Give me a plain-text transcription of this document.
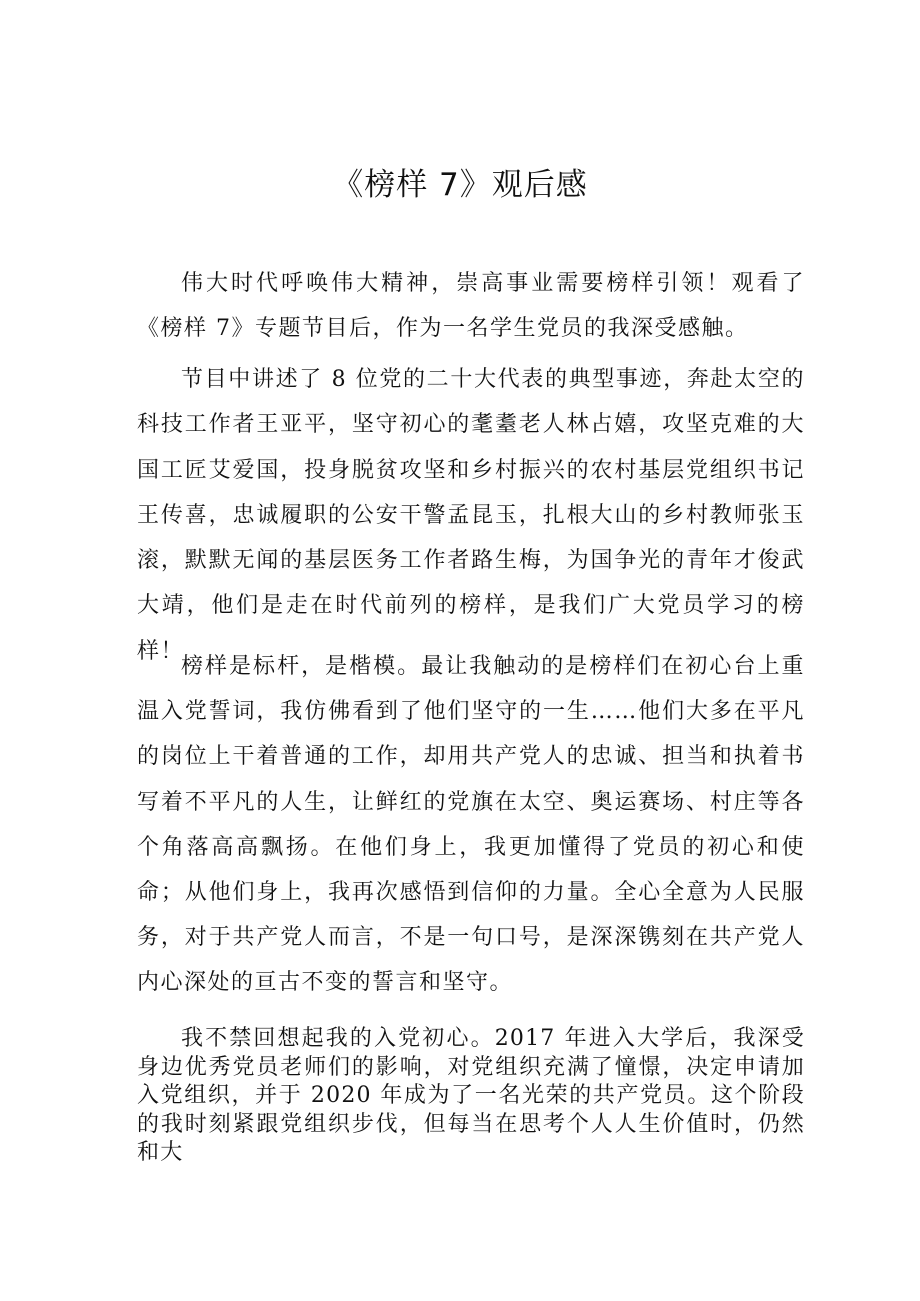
《榜样 7》观后感

伟大时代呼唤伟大精神，崇高事业需要榜样引领！观看了《榜样 7》专题节目后，作为一名学生党员的我深受感触。

节目中讲述了 8 位党的二十大代表的典型事迹，奔赴太空的科技工作者王亚平，坚守初心的耄耋老人林占嬉，攻坚克难的大国工匠艾爱国，投身脱贫攻坚和乡村振兴的农村基层党组织书记王传喜，忠诚履职的公安干警孟昆玉，扎根大山的乡村教师张玉滚，默默无闻的基层医务工作者路生梅，为国争光的青年才俊武大靖，他们是走在时代前列的榜样，是我们广大党员学习的榜样！

榜样是标杆，是楷模。最让我触动的是榜样们在初心台上重温入党誓词，我仿佛看到了他们坚守的一生……他们大多在平凡的岗位上干着普通的工作，却用共产党人的忠诚、担当和执着书写着不平凡的人生，让鲜红的党旗在太空、奥运赛场、村庄等各个角落高高飘扬。在他们身上，我更加懂得了党员的初心和使命；从他们身上，我再次感悟到信仰的力量。全心全意为人民服务，对于共产党人而言，不是一句口号，是深深镌刻在共产党人内心深处的亘古不变的誓言和坚守。

我不禁回想起我的入党初心。2017 年进入大学后，我深受身边优秀党员老师们的影响，对党组织充满了憧憬，决定申请加入党组织，并于 2020 年成为了一名光荣的共产党员。这个阶段的我时刻紧跟党组织步伐，但每当在思考个人人生价值时，仍然和大
